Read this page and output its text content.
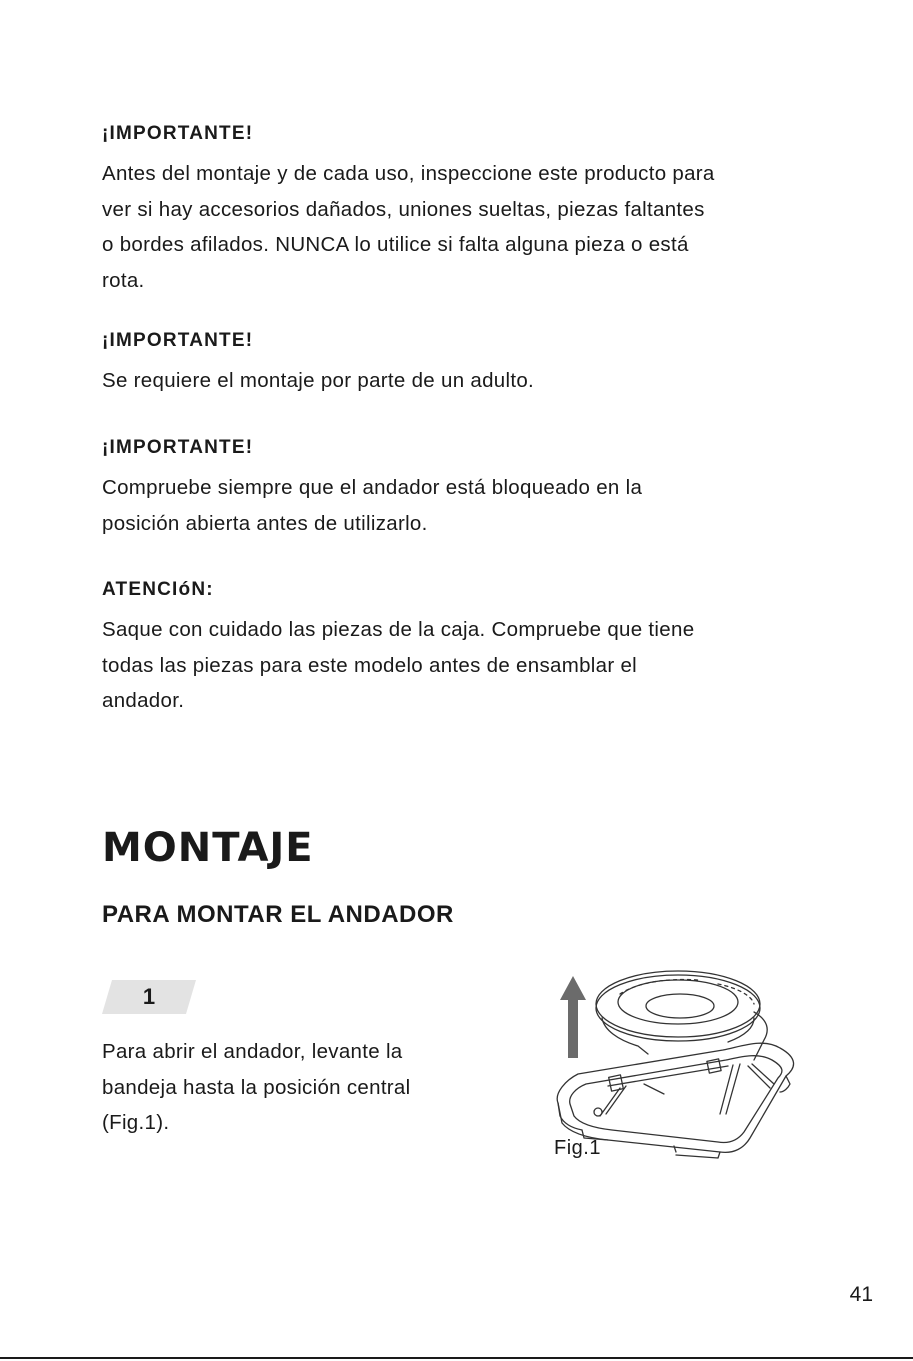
¡IMPORTANTE!

Antes del montaje y de cada uso, inspeccione este producto para

ver si hay accesorios dañados, uniones sueltas, piezas faltantes

o bordes afilados. NUNCA lo utilice si falta alguna pieza o está

rota.

¡IMPORTANTE!

Se requiere el montaje por parte de un adulto.

¡IMPORTANTE!

Compruebe siempre que el andador está bloqueado en la

posición abierta antes de utilizarlo.

ATENCIóN:

Saque con cuidado las piezas de la caja. Compruebe que tiene

todas las piezas para este modelo antes de ensamblar el

andador.

MONTAJE
PARA MONTAR EL ANDADOR
1
Para abrir el andador, levante la
bandeja hasta la posición central
(Fig.1).
Fig.1
41
